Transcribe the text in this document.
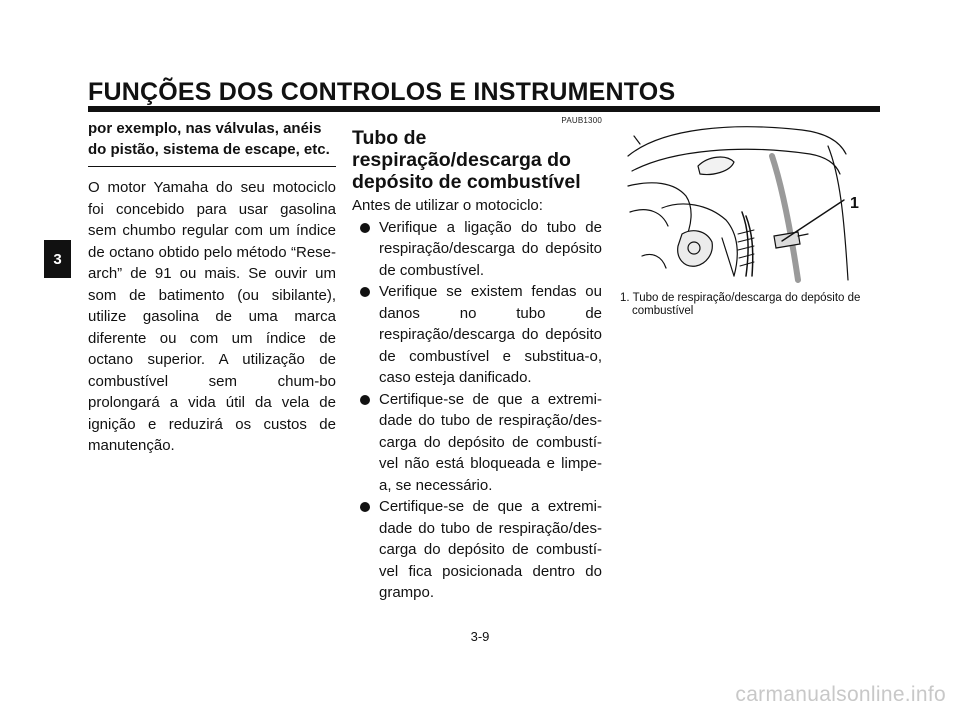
FUNÇÕES DOS CONTROLOS E INSTRUMENTOS
3
por exemplo, nas válvulas, anéis do pistão, sistema de escape, etc.

O motor Yamaha do seu motociclo foi concebido para usar gasolina sem chumbo regular com um índice de octano obtido pelo método “Rese-arch” de 91 ou mais. Se ouvir um som de batimento (ou sibilante), utilize gasolina de uma marca diferente ou com um índice de octano superior. A utilização de combustível sem chum-bo prolongará a vida útil da vela de ignição e reduzirá os custos de manutenção.

PAUB1300
Tubo de
respiração/descarga do
depósito de combustível
Antes de utilizar o motociclo:
Verifique a ligação do tubo de respiração/descarga do depósito de combustível.
Verifique se existem fendas ou danos no tubo de respiração/descarga do depósito de combustível e substitua-o, caso esteja danificado.
Certifique-se de que a extremi-dade do tubo de respiração/des-carga do depósito de combustí-vel não está bloqueada e limpe-a, se necessário.
Certifique-se de que a extremi-dade do tubo de respiração/des-carga do depósito de combustí-vel fica posicionada dentro do grampo.
1
1. Tubo de respiração/descarga do depósito de
combustível
3-9
carmanualsonline.info
